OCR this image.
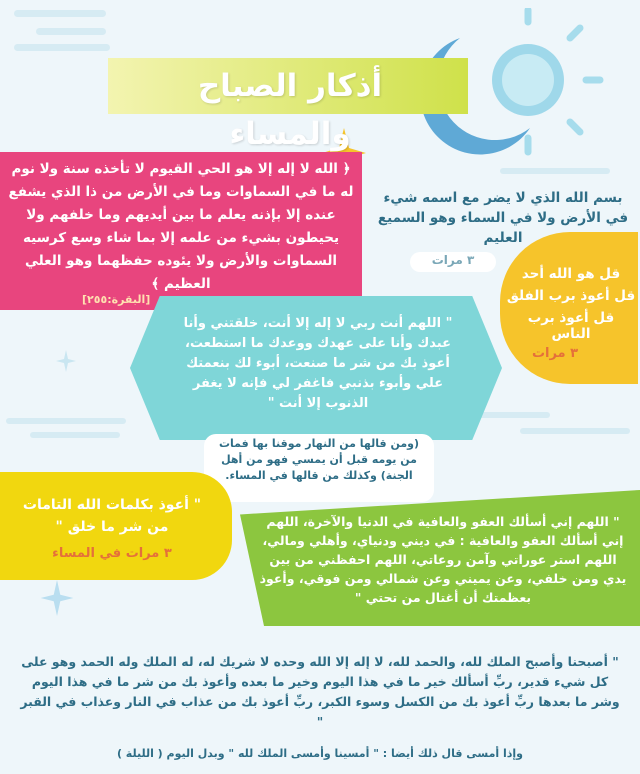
أذكار الصباح والمساء
﴿ الله لا إله إلا هو الحي القيوم لا تأخذه سنة ولا نوم له ما في السماوات وما في الأرض من ذا الذي يشفع عنده إلا بإذنه يعلم ما بين أيديهم وما خلفهم ولا يحيطون بشيء من علمه إلا بما شاء وسع كرسيه السماوات والأرض ولا يئوده حفظهما وهو العلي العظيم ﴾
[البقرة:٢٥٥]
بسم الله الذي لا يضر مع اسمه شيء في الأرض ولا في السماء وهو السميع العليم
٣ مرات
قل هو الله أحد
قل أعوذ برب الفلق
قل أعوذ برب الناس
٣ مرات
" اللهم أنت ربي لا إله إلا أنت، خلقتني وأنا عبدك وأنا على عهدك ووعدك ما استطعت، أعوذ بك من شر ما صنعت، أبوء لك بنعمتك علي وأبوء بذنبي فاغفر لي فإنه لا يغفر الذنوب إلا أنت "
(ومن قالها من النهار موقنا بها فمات من يومه قبل أن يمسي فهو من أهل الجنة) وكذلك من قالها في المساء.
" أعوذ بكلمات الله التامات من شر ما خلق "
٣ مرات في المساء
" اللهم إني أسألك العفو والعافية في الدنيا والآخرة، اللهم إني أسألك العفو والعافية : في ديني ودنياي، وأهلي ومالي، اللهم استر عوراتي وآمن روعاتي، اللهم احفظني من بين يدي ومن خلفي، وعن يميني وعن شمالي ومن فوقي، وأعوذ بعظمتك أن أغتال من تحتي "
" أصبحنا وأصبح الملك لله، والحمد لله، لا إله إلا الله وحده لا شريك له، له الملك وله الحمد وهو على كل شيء قدير، ربِّ أسألك خير ما في هذا اليوم وخير ما بعده وأعوذ بك من شر ما في هذا اليوم وشر ما بعدها ربِّ أعوذ بك من الكسل وسوء الكبر، ربِّ أعوذ بك من عذاب في النار وعذاب في القبر "
وإذا أمسى قال ذلك أيضا : " أمسينا وأمسى الملك لله " وبدل اليوم ( الليلة )
